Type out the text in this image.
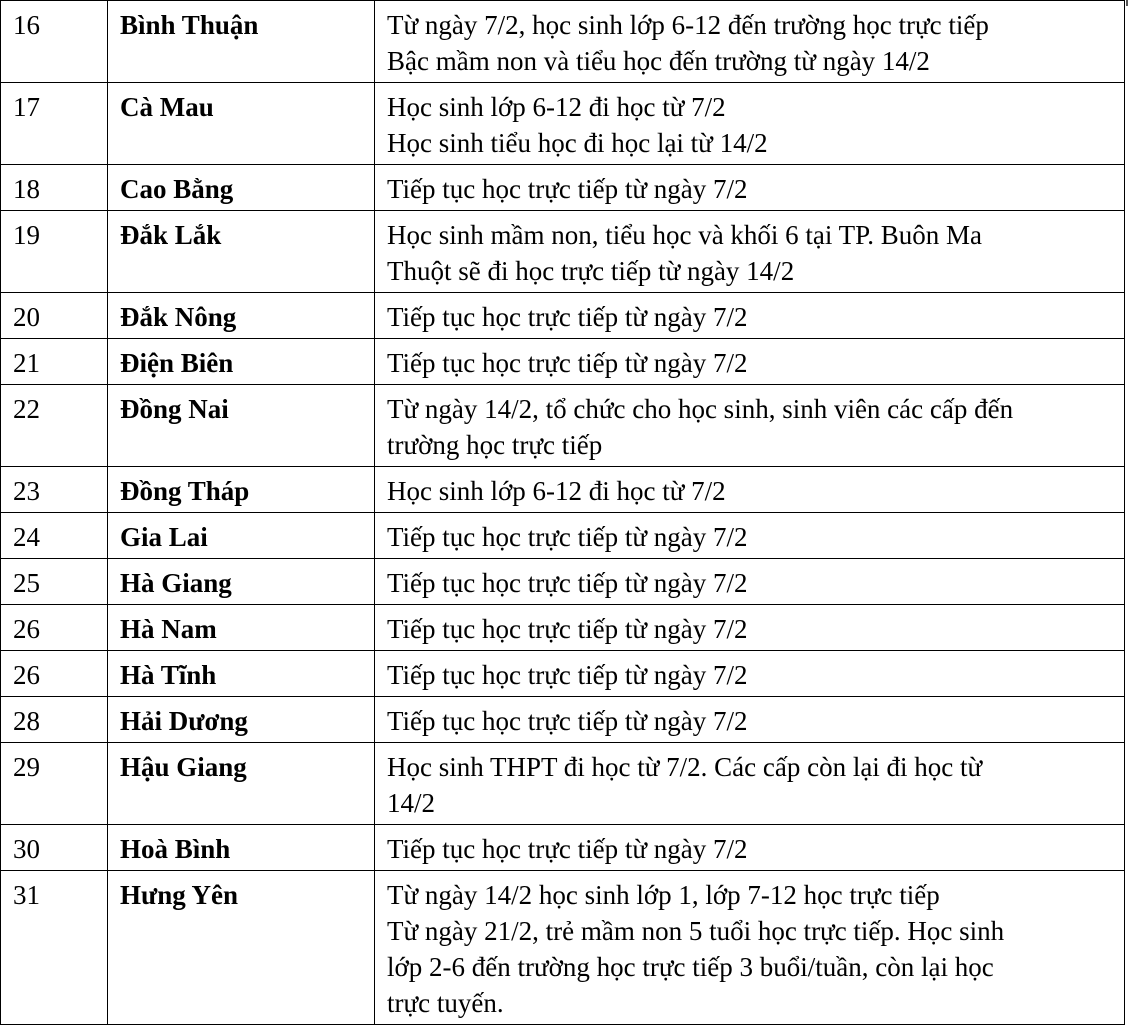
16	Bình Thuận	Từ ngày 7/2, học sinh lớp 6-12 đến trường học trực tiếp
Bậc mầm non và tiểu học đến trường từ ngày 14/2

17	Cà Mau	Học sinh lớp 6-12 đi học từ 7/2
Học sinh tiểu học đi học lại từ 14/2

18	Cao Bằng	Tiếp tục học trực tiếp từ ngày 7/2

19	Đắk Lắk	Học sinh mầm non, tiểu học và khối 6 tại TP. Buôn Ma
Thuột sẽ đi học trực tiếp từ ngày 14/2

20	Đắk Nông	Tiếp tục học trực tiếp từ ngày 7/2

21	Điện Biên	Tiếp tục học trực tiếp từ ngày 7/2

22	Đồng Nai	Từ ngày 14/2, tổ chức cho học sinh, sinh viên các cấp đến
trường học trực tiếp

23	Đồng Tháp	Học sinh lớp 6-12 đi học từ 7/2

24	Gia Lai	Tiếp tục học trực tiếp từ ngày 7/2

25	Hà Giang	Tiếp tục học trực tiếp từ ngày 7/2

26	Hà Nam	Tiếp tục học trực tiếp từ ngày 7/2

26	Hà Tĩnh	Tiếp tục học trực tiếp từ ngày 7/2

28	Hải Dương	Tiếp tục học trực tiếp từ ngày 7/2

29	Hậu Giang	Học sinh THPT đi học từ 7/2. Các cấp còn lại đi học từ
14/2

30	Hoà Bình	Tiếp tục học trực tiếp từ ngày 7/2

31	Hưng Yên	Từ ngày 14/2 học sinh lớp 1, lớp 7-12 học trực tiếp
Từ ngày 21/2, trẻ mầm non 5 tuổi học trực tiếp. Học sinh
lớp 2-6 đến trường học trực tiếp 3 buổi/tuần, còn lại học
trực tuyến.
